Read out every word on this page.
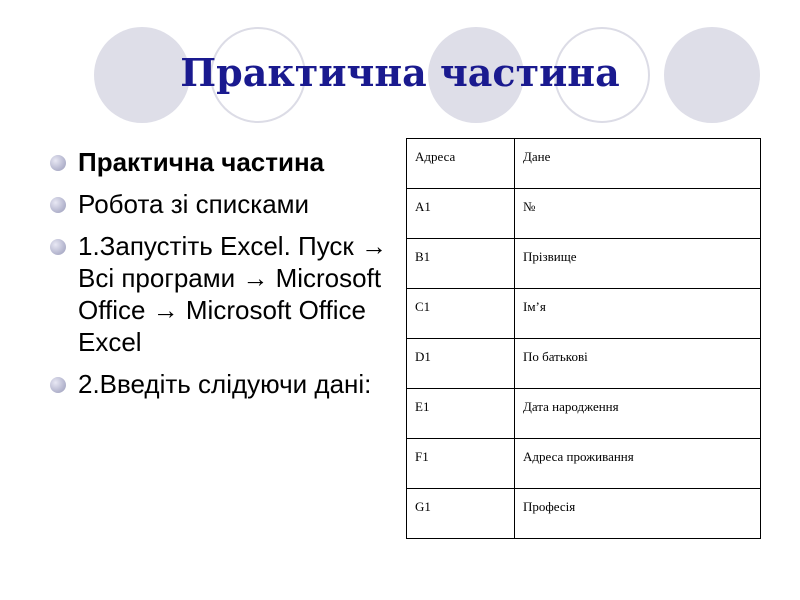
Практична частина
Практична частина
Робота зі списками
1.Запустіть Excel. Пуск → Всі програми → Microsoft Office → Microsoft Office Excel
2.Введіть слідуючи дані:
Адреса	Дане
A1	№
B1	Прізвище
C1	Ім’я
D1	По батькові
E1	Дата народження
F1	Адреса проживання
G1	Професія
